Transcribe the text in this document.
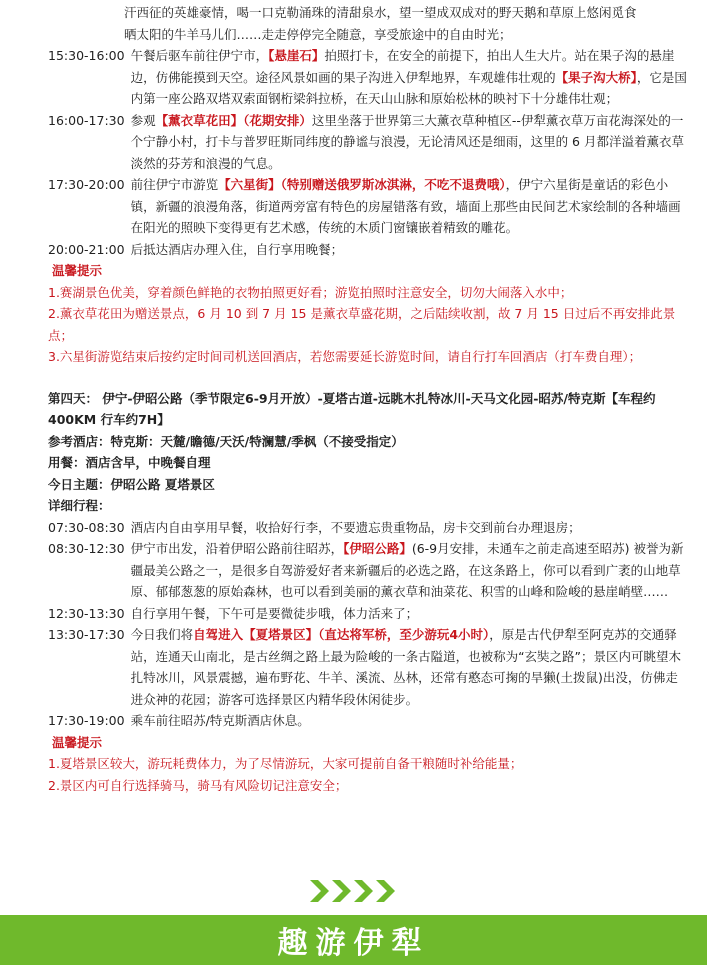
汗西征的英雄豪情，喝一口克勒涌珠的清甜泉水，望一望成双成对的野天鹅和草原上悠闲觅食
晒太阳的牛羊马儿们……走走停停完全随意，享受旅途中的自由时光；
15:30-16:00 午餐后驱车前往伊宁市，【悬崖石】拍照打卡，在安全的前提下，拍出人生大片。站在果子沟的悬崖边，仿佛能摸到天空。途径风景如画的果子沟进入伊犁地界，车观雄伟壮观的【果子沟大桥】，它是国内第一座公路双塔双索面钢桁梁斜拉桥，在天山山脉和原始松林的映衬下十分雄伟壮观；
16:00-17:30 参观【薰衣草花田】（花期安排）这里坐落于世界第三大薰衣草种植区--伊犁薰衣草万亩花海深处的一个宁静小村，打卡与普罗旺斯同纬度的静谧与浪漫，无论清风还是细雨，这里的 6 月都洋溢着薰衣草淡然的芬芳和浪漫的气息。
17:30-20:00 前往伊宁市游览【六星街】（特别赠送俄罗斯冰淇淋，不吃不退费哦），伊宁六星街是童话的彩色小镇，新疆的浪漫角落，街道两旁富有特色的房屋错落有致，墙面上那些由民间艺术家绘制的各种墙画在阳光的照映下变得更有艺术感，传统的木质门窗镶嵌着精致的雕花。
20:00-21:00 后抵达酒店办理入住，自行享用晚餐；
温馨提示
1.赛湖景色优美，穿着颜色鲜艳的衣物拍照更好看；游览拍照时注意安全，切勿大闹落入水中；
2.薰衣草花田为赠送景点，6 月 10 到 7 月 15 是薰衣草盛花期，之后陆续收割，故 7 月 15 日过后不再安排此景点；
3.六星街游览结束后按约定时间司机送回酒店，若您需要延长游览时间，请自行打车回酒店（打车费自理）；
第四天： 伊宁-伊昭公路（季节限定6-9月开放）-夏塔古道-远眺木扎特冰川-天马文化园-昭苏/特克斯【车程约400KM 行车约7H】
参考酒店：特克斯：天麓/瞻德/天沃/特澜慧/季枫（不接受指定）
用餐：酒店含早，中晚餐自理
今日主题：伊昭公路 夏塔景区
详细行程：
07:30-08:30 酒店内自由享用早餐，收拾好行李，不要遗忘贵重物品，房卡交到前台办理退房；
08:30-12:30 伊宁市出发，沿着伊昭公路前往昭苏，【伊昭公路】(6-9月安排，未通车之前走高速至昭苏) 被誉为新疆最美公路之一，是很多自驾游爱好者来新疆后的必选之路，在这条路上，你可以看到广袤的山地草原、郁郁葱葱的原始森林，也可以看到美丽的薰衣草和油菜花、积雪的山峰和险峻的悬崖峭壁……
12:30-13:30 自行享用午餐，下午可是要微徒步哦，体力活来了；
13:30-17:30 今日我们将自驾进入【夏塔景区】（直达将军桥，至少游玩4小时），原是古代伊犁至阿克苏的交通驿站，连通天山南北，是古丝绸之路上最为险峻的一条古隘道，也被称为“玄奘之路”；景区内可眺望木扎特冰川，风景震撼，遍布野花、牛羊、溪流、丛林，还常有憨态可掬的旱獭(土拨鼠)出没，仿佛走进众神的花园；游客可选择景区内精华段休闲徒步。
17:30-19:00 乘车前往昭苏/特克斯酒店休息。
温馨提示
1.夏塔景区较大，游玩耗费体力，为了尽情游玩，大家可提前自备干粮随时补给能量；
2.景区内可自行选择骑马，骑马有风险切记注意安全；
趣游伊犁
